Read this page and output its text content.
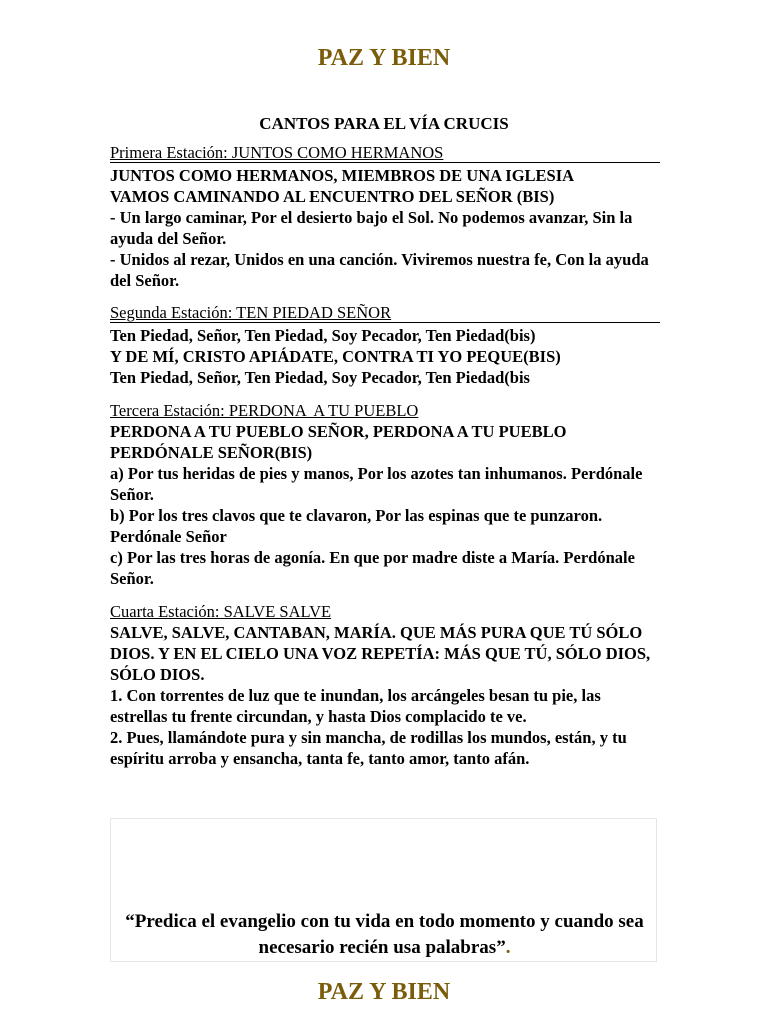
PAZ Y BIEN
CANTOS PARA EL VÍA CRUCIS
Primera Estación: JUNTOS COMO HERMANOS
JUNTOS COMO HERMANOS, MIEMBROS DE UNA IGLESIA
VAMOS CAMINANDO AL ENCUENTRO DEL SEÑOR (BIS)
- Un largo caminar, Por el desierto bajo el Sol. No podemos avanzar, Sin la ayuda del Señor.
- Unidos al rezar, Unidos en una canción. Viviremos nuestra fe, Con la ayuda del Señor.
Segunda Estación: TEN PIEDAD SEÑOR
Ten Piedad, Señor, Ten Piedad, Soy Pecador, Ten Piedad(bis)
Y DE MÍ, CRISTO APIÁDATE, CONTRA TI YO PEQUE(BIS)
Ten Piedad, Señor, Ten Piedad, Soy Pecador, Ten Piedad(bis
Tercera Estación: PERDONA  A TU PUEBLO
PERDONA A TU PUEBLO SEÑOR, PERDONA A TU PUEBLO PERDÓNALE SEÑOR(BIS)
a) Por tus heridas de pies y manos, Por los azotes tan inhumanos. Perdónale Señor.
b) Por los tres clavos que te clavaron, Por las espinas que te punzaron. Perdónale Señor
c) Por las tres horas de agonía. En que por madre diste a María. Perdónale Señor.
Cuarta Estación: SALVE SALVE
SALVE, SALVE, CANTABAN, MARÍA. QUE MÁS PURA QUE TÚ SÓLO DIOS. Y EN EL CIELO UNA VOZ REPETÍA: MÁS QUE TÚ, SÓLO DIOS, SÓLO DIOS.
1. Con torrentes de luz que te inundan, los arcángeles besan tu pie, las estrellas tu frente circundan, y hasta Dios complacido te ve.
2. Pues, llamándote pura y sin mancha, de rodillas los mundos, están, y tu espíritu arroba y ensancha, tanta fe, tanto amor, tanto afán.
“Predica el evangelio con tu vida en todo momento y cuando sea necesario recién usa palabras”.
PAZ Y BIEN
